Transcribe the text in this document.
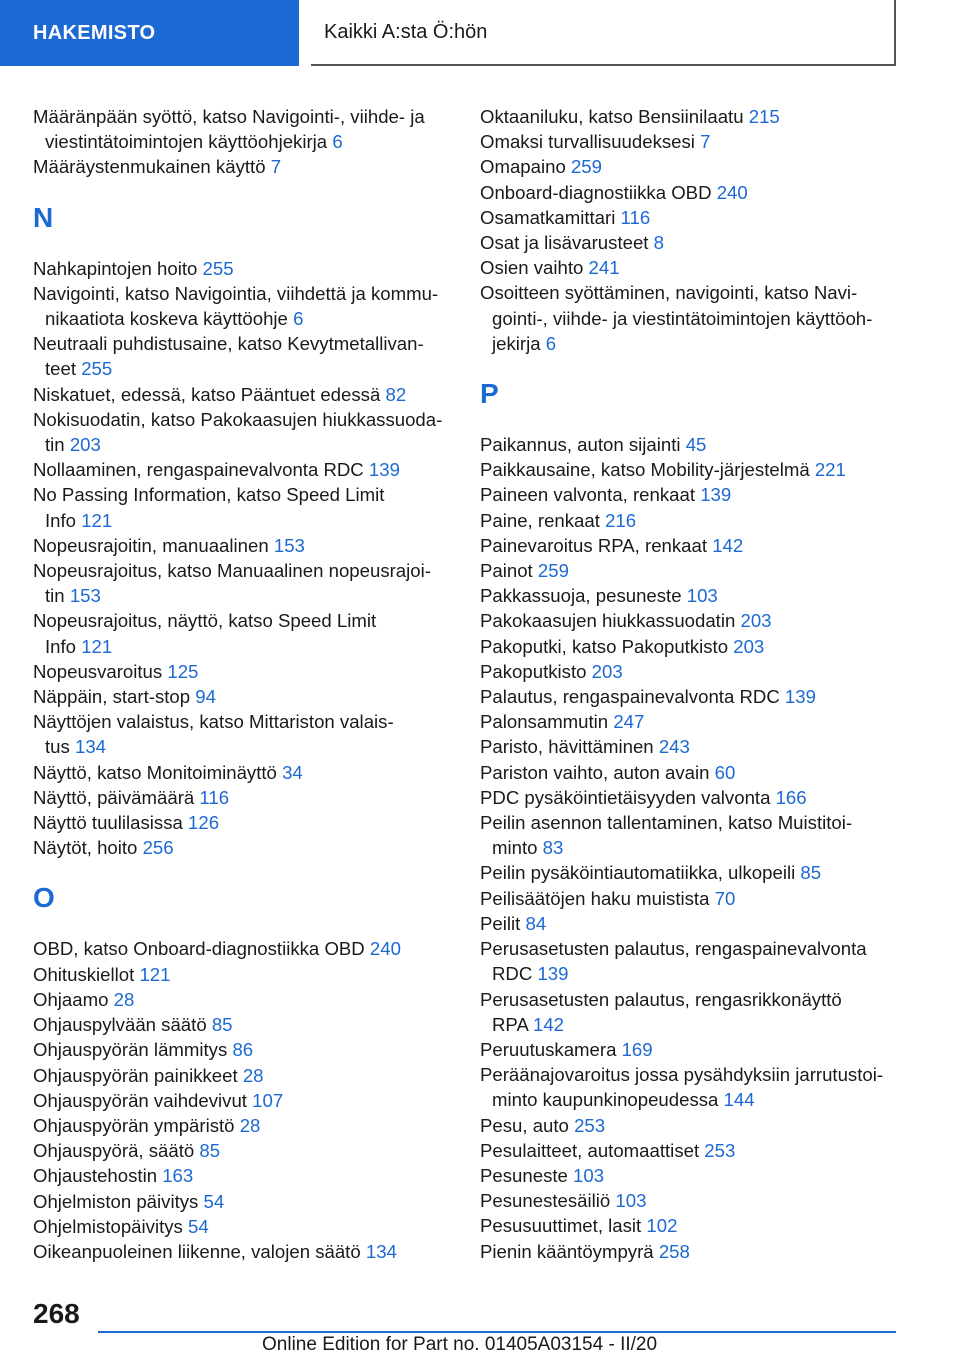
HAKEMISTO	Kaikki A:sta Ö:hön
Määränpään syöttö, katso Navigointi-, viihde- ja
viestintätoimintojen käyttöohjekirja 6
Määräystenmukainen käyttö 7
N
Nahkapintojen hoito 255
Navigointi, katso Navigointia, viihdettä ja kommu-
nikaatiota koskeva käyttöohje 6
Neutraali puhdistusaine, katso Kevytmetallivan-
teet 255
Niskatuet, edessä, katso Pääntuet edessä 82
Nokisuodatin, katso Pakokaasujen hiukkassuoda-
tin 203
Nollaaminen, rengaspainevalvonta RDC 139
No Passing Information, katso Speed Limit
Info 121
Nopeusrajoitin, manuaalinen 153
Nopeusrajoitus, katso Manuaalinen nopeusrajoi-
tin 153
Nopeusrajoitus, näyttö, katso Speed Limit
Info 121
Nopeusvaroitus 125
Näppäin, start-stop 94
Näyttöjen valaistus, katso Mittariston valais-
tus 134
Näyttö, katso Monitoiminäyttö 34
Näyttö, päivämäärä 116
Näyttö tuulilasissa 126
Näytöt, hoito 256
O
OBD, katso Onboard-diagnostiikka OBD 240
Ohituskiellot 121
Ohjaamo 28
Ohjauspylvään säätö 85
Ohjauspyörän lämmitys 86
Ohjauspyörän painikkeet 28
Ohjauspyörän vaihdevivut 107
Ohjauspyörän ympäristö 28
Ohjauspyörä, säätö 85
Ohjaustehostin 163
Ohjelmiston päivitys 54
Ohjelmistopäivitys 54
Oikeanpuoleinen liikenne, valojen säätö 134
Oktaaniluku, katso Bensiinilaatu 215
Omaksi turvallisuudeksesi 7
Omapaino 259
Onboard-diagnostiikka OBD 240
Osamatkamittari 116
Osat ja lisävarusteet 8
Osien vaihto 241
Osoitteen syöttäminen, navigointi, katso Navi-
gointi-, viihde- ja viestintätoimintojen käyttöoh-
jekirja 6
P
Paikannus, auton sijainti 45
Paikkausaine, katso Mobility-järjestelmä 221
Paineen valvonta, renkaat 139
Paine, renkaat 216
Painevaroitus RPA, renkaat 142
Painot 259
Pakkassuoja, pesuneste 103
Pakokaasujen hiukkassuodatin 203
Pakoputki, katso Pakoputkisto 203
Pakoputkisto 203
Palautus, rengaspainevalvonta RDC 139
Palonsammutin 247
Paristo, hävittäminen 243
Pariston vaihto, auton avain 60
PDC pysäköintietäisyyden valvonta 166
Peilin asennon tallentaminen, katso Muistitoi-
minto 83
Peilin pysäköintiautomatiikka, ulkopeili 85
Peilisäätöjen haku muistista 70
Peilit 84
Perusasetusten palautus, rengaspainevalvonta
RDC 139
Perusasetusten palautus, rengasrikkonäyttö
RPA 142
Peruutuskamera 169
Peräänajovaroitus jossa pysähdyksiin jarrutustoi-
minto kaupunkinopeudessa 144
Pesu, auto 253
Pesulaitteet, automaattiset 253
Pesuneste 103
Pesunestesäiliö 103
Pesusuuttimet, lasit 102
Pienin kääntöympyrä 258
268
Online Edition for Part no. 01405A03154 - II/20
